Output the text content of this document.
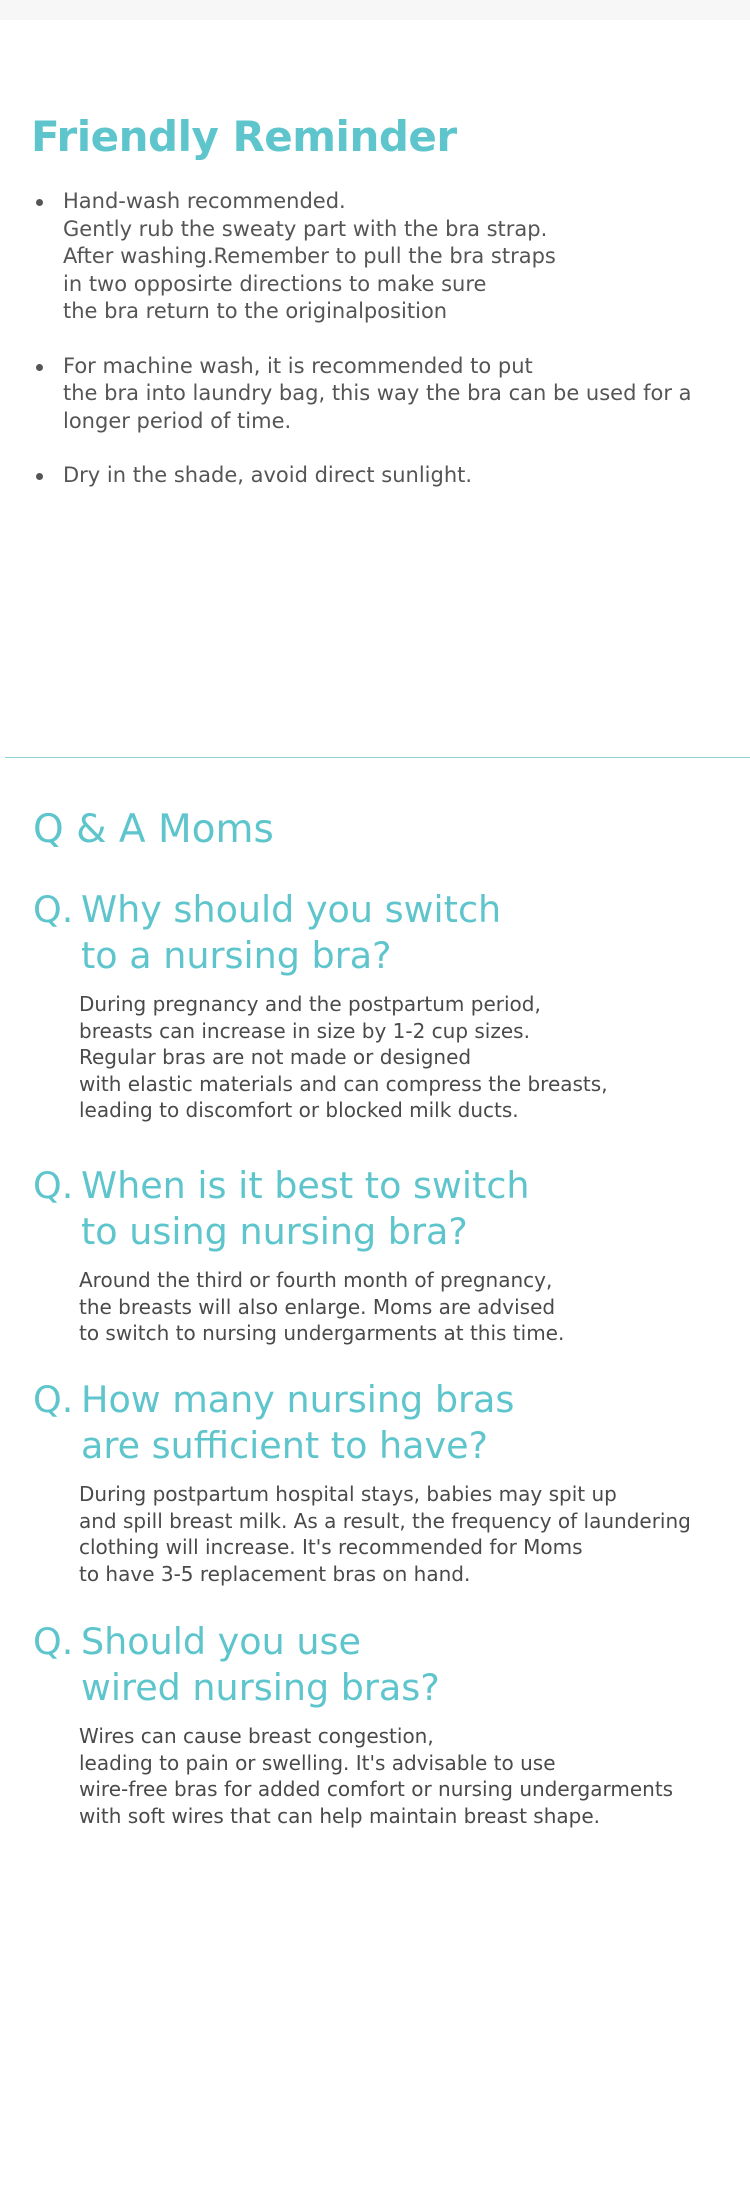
Friendly Reminder
Hand-wash recommended.
Gently rub the sweaty part with the bra strap.
After washing.Remember to pull the bra straps
in two opposirte directions to make sure
the bra return to the originalposition
For machine wash, it is recommended to put
the bra into laundry bag, this way the bra can be used for a
longer period of time.
Dry in the shade, avoid direct sunlight.
Q & A Moms
Q. Why should you switch
to a nursing bra?
During pregnancy and the postpartum period,
breasts can increase in size by 1-2 cup sizes.
Regular bras are not made or designed
with elastic materials and can compress the breasts,
leading to discomfort or blocked milk ducts.
Q. When is it best to switch
to using nursing bra?
Around the third or fourth month of pregnancy,
the breasts will also enlarge. Moms are advised
to switch to nursing undergarments at this time.
Q. How many nursing bras
are sufficient to have?
During postpartum hospital stays, babies may spit up
and spill breast milk. As a result, the frequency of laundering
clothing will increase. It's recommended for Moms
to have 3-5 replacement bras on hand.
Q. Should you use
wired nursing bras?
Wires can cause breast congestion,
leading to pain or swelling. It's advisable to use
wire-free bras for added comfort or nursing undergarments
with soft wires that can help maintain breast shape.
